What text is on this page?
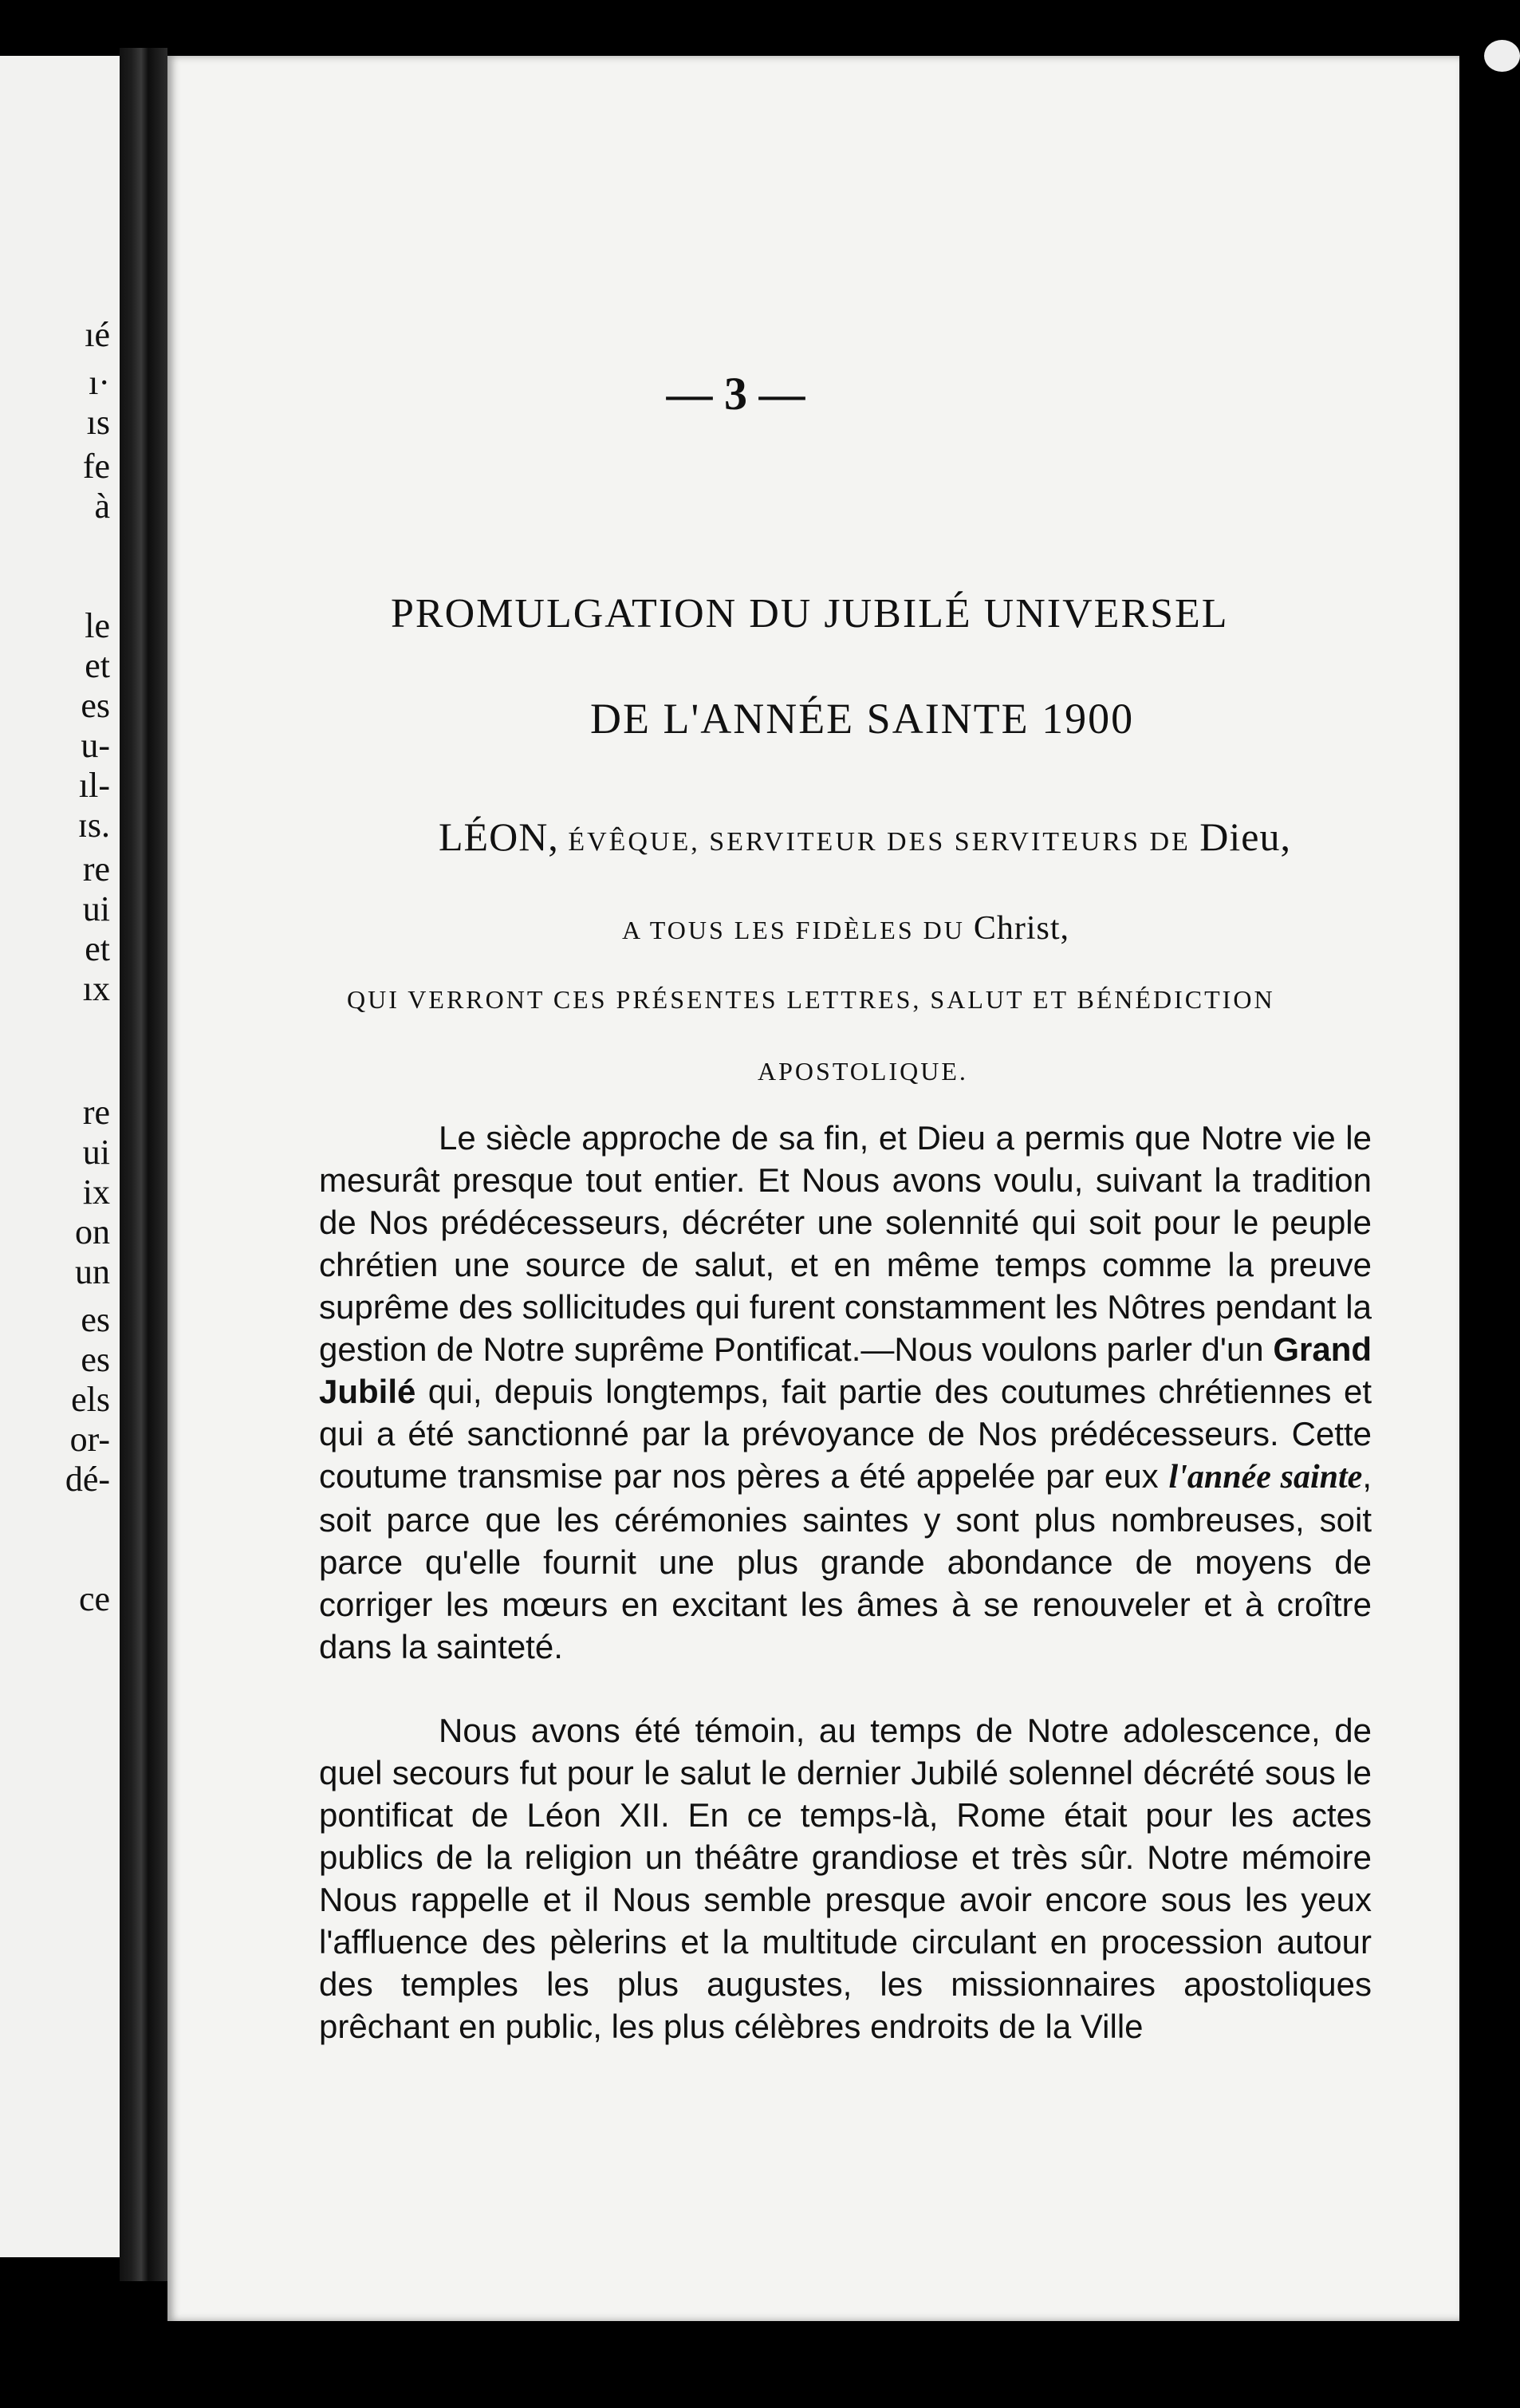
ıé
ı·
ıs
fe
à
le
et
es
u-
ıl-
ɪs.
re
ui
et
ıx
re
ui
ix
on
un
es
es
els
or-
dé-
ce
— 3 —
PROMULGATION DU JUBILÉ UNIVERSEL
DE L'ANNÉE SAINTE 1900
LÉON, ÉVÊQUE, SERVITEUR DES SERVITEURS DE Dieu,
A TOUS LES FIDÈLES DU Christ,
QUI VERRONT CES PRÉSENTES LETTRES, SALUT ET BÉNÉDICTION
APOSTOLIQUE.

Le siècle approche de sa fin, et Dieu a permis que Notre vie le mesurât presque tout entier. Et Nous avons voulu, suivant la tradition de Nos prédécesseurs, décréter une solennité qui soit pour le peuple chrétien une source de salut, et en même temps comme la preuve suprême des sollicitudes qui furent constamment les Nôtres pendant la gestion de Notre suprême Pontificat.—Nous voulons parler d'un Grand Jubilé qui, depuis longtemps, fait partie des coutumes chrétiennes et qui a été sanctionné par la prévoyance de Nos prédécesseurs. Cette coutume transmise par nos pères a été appelée par eux l'année sainte, soit parce que les cérémonies saintes y sont plus nombreuses, soit parce qu'elle fournit une plus grande abondance de moyens de corriger les mœurs en excitant les âmes à se renouveler et à croître dans la sainteté.

Nous avons été témoin, au temps de Notre adolescence, de quel secours fut pour le salut le dernier Jubilé solennel décrété sous le pontificat de Léon XII. En ce temps-là, Rome était pour les actes publics de la religion un théâtre grandiose et très sûr. Notre mémoire Nous rappelle et il Nous semble presque avoir encore sous les yeux l'affluence des pèlerins et la multitude circulant en procession autour des temples les plus augustes, les missionnaires apostoliques prêchant en public, les plus célèbres endroits de la Ville
